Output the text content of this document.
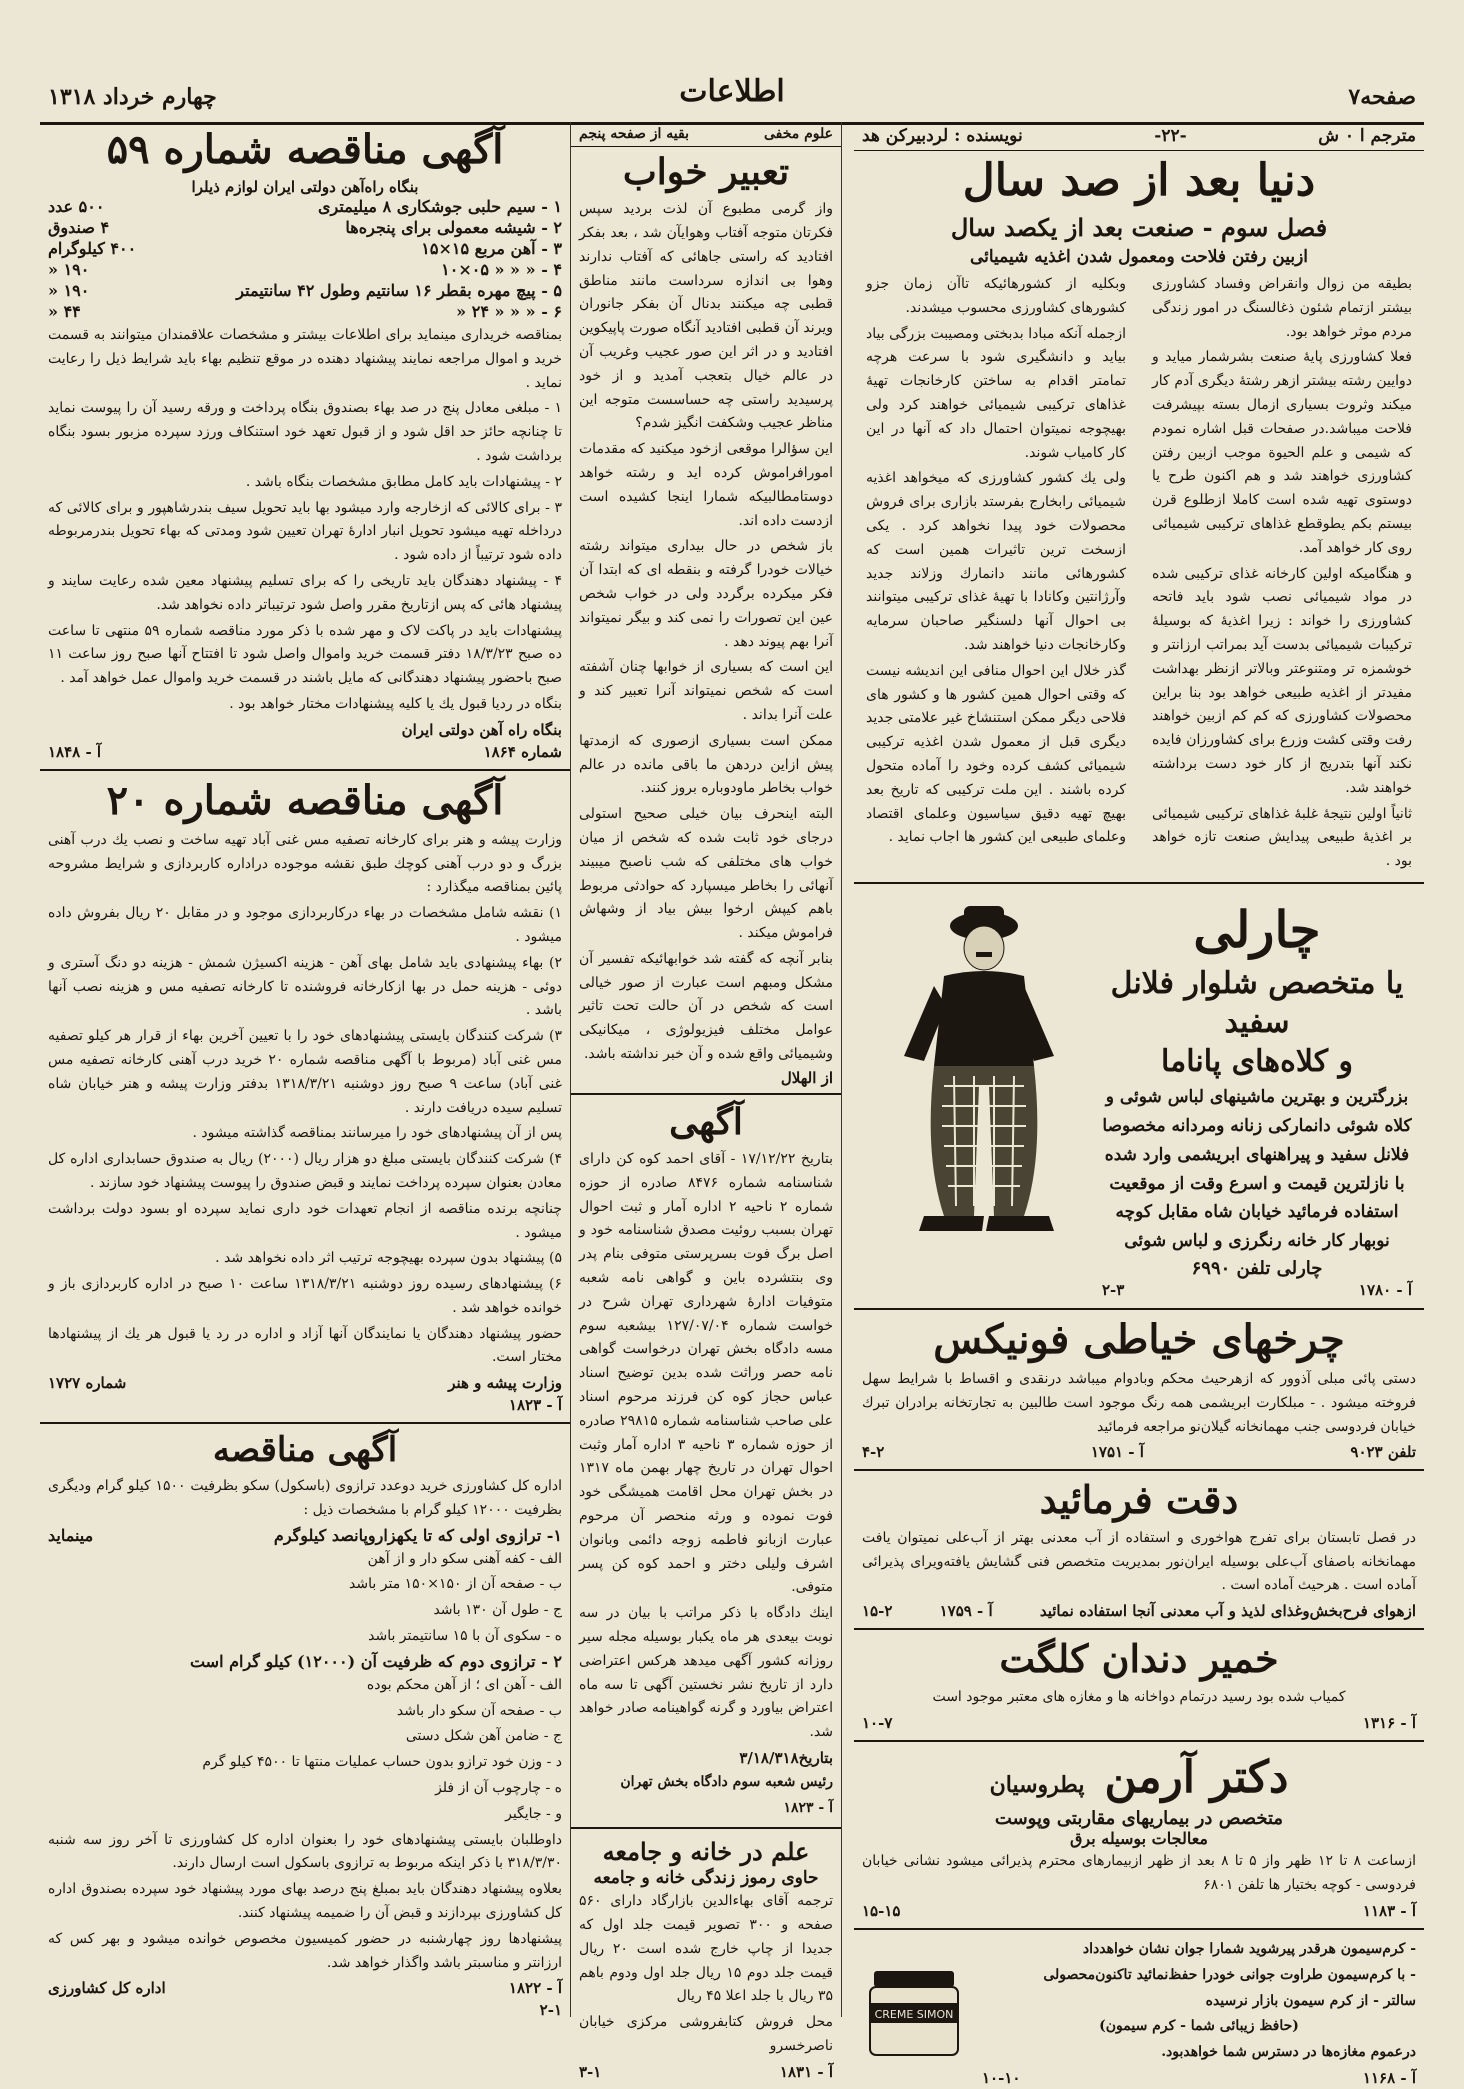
صفحه۷
اطلاعات
چهارم خرداد ۱۳۱۸
مترجم ا ۰ ش
-۲۲-
نویسنده : لردبیرکن هد
دنیا بعد از صد سال
فصل سوم - صنعت بعد از یکصد سال
ازبین رفتن فلاحت ومعمول شدن اغذیه شیمیائی

بطیقه من زوال وانقراض وفساد کشاورزی بیشتر ازتمام شئون ذغالسنگ در امور زندگی مردم موثر خواهد بود.

فعلا کشاورزی پایهٔ صنعت بشرشمار میاید و دوایین رشته بیشتر ازهر رشتهٔ دیگری آدم کار میکند وثروت بسیاری ازمال بسته بپیشرفت فلاحت میباشد.در صفحات قبل اشاره نمودم که شیمی و علم الحیوة موجب ازبین رفتن کشاورزی خواهند شد و هم اکنون طرح یا دوستوی تهیه شده است کاملا ازطلوع قرن بیستم بکم یطوقطع غذاهای ترکیبی شیمیائی روی کار خواهد آمد.

و هنگامیکه اولین کارخانه غذای ترکیبی شده در مواد شیمیائی نصب شود باید فاتحه کشاورزی را خواند : زیرا اغذیهٔ که بوسیلهٔ ترکیبات شیمیائی بدست آید بمراتب ارزانتر و خوشمزه تر ومتنوعتر وبالاتر ازنظر بهداشت مفیدتر از اغذیه طبیعی خواهد بود بنا براین محصولات کشاورزی که کم کم ازبین خواهند رفت وقتی کشت وزرع برای کشاورزان فایده نکند آنها بتدریج از کار خود دست برداشته خواهند شد.

ثانیاً اولین نتیجهٔ غلبهٔ غذاهای ترکیبی شیمیائی بر اغذیهٔ طبیعی پیدایش صنعت تازه خواهد بود .

وبکلیه از کشورهائیکه تاآن زمان جزو کشورهای کشاورزی محسوب میشدند.

ازجمله آنکه مبادا بدبختی ومصیبت بزرگی بیاد بیاید و دانشگیری شود با سرعت هرچه تمامتر اقدام به ساختن کارخانجات تهیهٔ غذاهای ترکیبی شیمیائی خواهند کرد ولی بهیچوجه نمیتوان احتمال داد که آنها در این کار کامیاب شوند.

ولی یك کشور کشاورزی که میخواهد اغذیه شیمیائی رابخارج بفرستد بازاری برای فروش محصولات خود پیدا نخواهد کرد . یکی ازسخت ترین تاثیرات همین است که کشورهائی مانند دانمارك وزلاند جدید وآرژانتین وکانادا با تهیهٔ غذای ترکیبی میتوانند بی احوال آنها دلسنگیر صاحبان سرمایه وکارخانجات دنیا خواهند شد.

گذر خلال این احوال منافی این اندیشه نیست که وقتی احوال همین کشور ها و کشور های فلاحی دیگر ممکن استنشاخ غیر علامتی جدید دیگری قبل از معمول شدن اغذیه ترکیبی شیمیائی کشف کرده وخود را آماده متحول کرده باشند . این ملت ترکیبی که تاریخ بعد بهیچ تهیه دقیق سیاسیون وعلمای اقتصاد وعلمای طبیعی این کشور ها اجاب نماید .

چارلی
یا متخصص شلوار فلانل سفید
و کلاه‌های پاناما

بزرگترین و بهترین ماشینهای لباس شوئی و کلاه شوئی دانمارکی زنانه ومردانه مخصوصا فلانل سفید و پیراهنهای ابریشمی وارد شده با نازلترین قیمت و اسرع وقت از موقعیت استفاده فرمائید خیابان شاه مقابل کوچه نوبهار کار خانه رنگرزی و لباس شوئی

چارلی تلفن ۶۹۹۰
آ - ۱۷۸۰
۲-۳
چرخهای خیاطی فونیکس

دستی پائی مبلی آذوور که ازهرحیث محکم وبادوام میباشد درنقدی و اقساط با شرایط سهل فروخته میشود . - مبلکارت ابریشمی همه رنگ موجود است طالبین به تجارتخانه برادران تبرك خیابان فردوسی جنب مهمانخانه گیلان‌نو مراجعه فرمائید

تلفن ۹۰۲۳
آ - ۱۷۵۱
۴-۲
دقت فرمائید

در فصل تابستان برای تفرج هواخوری و استفاده از آب معدنی بهتر از آب‌علی نمیتوان یافت مهمانخانه باصفای آب‌علی بوسیله ایران‌نور بمدیریت متخصص فنی گشایش یافته‌ویرای پذیرائی آماده است . هرحیث آماده است .

ازهوای فرح‌بخش‌وغذای لذیذ و آب معدنی آنجا استفاده نمائید
آ - ۱۷۵۹
۱۵-۲
خمیر دندان کلگت

کمیاب شده بود رسید درتمام دواخانه ها و مغازه های معتبر موجود است

آ - ۱۳۱۶
۱۰-۷
دکتر آرمن
پطروسیان
متخصص در بیماریهای مقاربتی وپوست
معالجات بوسیله برق

ازساعت ۸ تا ۱۲ ظهر واز ۵ تا ۸ بعد از ظهر ازبیمارهای محترم پذیرائی میشود نشانی خیابان فردوسی - کوچه بختیار ها تلفن ۶۸۰۱

آ - ۱۱۸۳
۱۵-۱۵
- کرم‌سیمون هرقدر پیرشوید شمارا جوان نشان خواهدداد
- با کرم‌سیمون طراوت جوانی خودرا حفظ‌نمائید تاکنون‌محصولی
سالتر - از کرم سیمون بازار نرسیده
(حافظ زیبائی شما - کرم سیمون)
درعموم مغازه‌ها در دسترس شما خواهدبود.
آ - ۱۱۶۸
۱۰-۱۰
CREME SIMON
علوم مخفی
بقیه از صفحه پنجم
تعبیر خواب

واز گرمی مطبوع آن لذت بردید سپس فکرتان متوجه آفتاب وهوایآن شد ، بعد بفکر افتادید که راستی جاهائی که آفتاب ندارند وهوا بی اندازه سرداست مانند مناطق قطبی چه میکنند بدنال آن بفکر جانوران ویرند آن قطبی افتادید آنگاه صورت پاپیکوین افتادید و در اثر این صور عجیب وغریب آن در عالم خیال بتعجب آمدید و از خود پرسیدید راستی چه حساسست متوجه این مناظر عجیب وشکفت انگیز شدم؟

این سؤالرا موقعی ازخود میکنید که مقدمات امورافراموش کرده اید و رشته خواهد دوستامطالبیکه شمارا اینجا کشیده است ازدست داده اند.

باز شخص در حال بیداری میتواند رشته خیالات خودرا گرفته و بنقطه ای که ابتدا آن فکر میکرده برگردد ولی در خواب شخص عین این تصورات را نمی کند و بیگر نمیتواند آنرا بهم پیوند دهد .

این است که بسیاری از خوابها چنان آشفته است که شخص نمیتواند آنرا تعبیر کند و علت آنرا بداند .

ممکن است بسیاری ازصوری که ازمدتها پیش ازاین دردهن ما باقی مانده در عالم خواب بخاطر ماودوباره بروز کنند.

البته اینحرف بیان خیلی صحیح استولی درجای خود ثابت شده که شخص از میان خواب های مختلفی که شب ناصبح میبیند آنهائی را بخاطر میسپارد که حوادثی مربوط باهم کیپش ارخوا بیش بیاد از وشهاش فراموش میکند .

بنابر آنچه که گفته شد خوابهائیکه تفسیر آن مشکل ومبهم است عبارت از صور خیالی است که شخص در آن حالت تحت تاثیر عوامل مختلف فیزیولوژی ، میکانیکی وشیمیائی واقع شده و آن خبر نداشته باشد.

از الهلال
آگهی

بتاریخ ۱۷/۱۲/۲۲ - آقای احمد کوه کن دارای شناسنامه شماره ۸۴۷۶ صادره از حوزه شماره ۲ ناحیه ۲ اداره آمار و ثبت احوال تهران بسبب روئیت مصدق شناسنامه خود و اصل برگ فوت بسرپرستی متوفی بنام پدر وی بنتشرده باین و گواهی نامه شعبه متوفیات ادارهٔ شهرداری تهران شرح در خواست شماره ۱۲۷/۰۷/۰۴ بیشعبه سوم مسه دادگاه بخش تهران درخواست گواهی نامه حصر وراثت شده بدین توضیح اسناد عباس حجاز کوه کن فرزند مرحوم اسناد علی صاحب شناسنامه شماره ۲۹۸۱۵ صادره از حوزه شماره ۳ ناحیه ۳ اداره آمار وثبت احوال تهران در تاریخ چهار بهمن ماه ۱۳۱۷ در بخش تهران محل اقامت همیشگی خود فوت نموده و ورثه منحصر آن مرحوم عبارت ازبانو فاطمه زوجه دائمی وبانوان اشرف ولیلی دختر و احمد کوه کن پسر متوفی.

اینك دادگاه با ذکر مراتب با بیان در سه نوبت بیعدی هر ماه یکبار بوسیله مجله سیر روزانه کشور آگهی میدهد هرکس اعتراضی دارد از تاریخ نشر نخستین آگهی تا سه ماه اعتراض بیاورد و گرنه گواهینامه صادر خواهد شد.

بتاریخ۳/۱۸/۳۱۸
رئیس شعبه سوم دادگاه بخش تهران
آ - ۱۸۲۳
علم در خانه و جامعه
حاوی رموز زندگی خانه و جامعه

ترجمه آقای بهاءالدین بازارگاد دارای ۵۶۰ صفحه و ۳۰۰ تصویر قیمت جلد اول که جدیدا از چاپ خارج شده است ۲۰ ریال قیمت جلد دوم ۱۵ ریال جلد اول ودوم باهم ۳۵ ریال با جلد اعلا ۴۵ ریال

محل فروش کتابفروشی مرکزی خیابان ناصرخسرو

آ - ۱۸۳۱
۳-۱
آگهی مناقصه شماره ۵۹
بنگاه راه‌آهن دولتی ایران لوازم ذیلرا
۱ - سیم حلبی جوشکاری ۸ میلیمتری
۵۰۰ عدد
۲ - شیشه معمولی برای پنجره‌ها
۴ صندوق
۳ - آهن مربع ۱۵×۱۵
۴۰۰ کیلوگرام
۴ - « « « ۰۵×۱۰
۱۹۰ «
۵ - پیچ مهره بقطر ۱۶ سانتیم وطول ۴۲ سانتیمتر
۱۹۰ «
۶ - « « « ۲۴ «
۴۴ «

بمناقصه خریداری مینماید برای اطلاعات بیشتر و مشخصات علاقمندان میتوانند به قسمت خرید و اموال مراجعه نمایند پیشنهاد دهنده در موقع تنظیم بهاء باید شرایط ذیل را رعایت نماید .

۱ - مبلغی معادل پنج در صد بهاء بصندوق بنگاه پرداخت و ورقه رسید آن را پیوست نماید تا چنانچه حائز حد اقل شود و از قبول تعهد خود استنکاف ورزد سپرده مزبور بسود بنگاه برداشت شود .

۲ - پیشنهادات باید کامل مطابق مشخصات بنگاه باشد .

۳ - برای کالائی که ازخارجه وارد میشود بها باید تحویل سیف بندرشاهپور و برای کالائی که درداخله تهیه میشود تحویل انبار ادارهٔ تهران تعیین شود ومدتی که بهاء تحویل بندرمربوطه داده شود ترتیباً از داده شود .

۴ - پیشنهاد دهندگان باید تاریخی را که برای تسلیم پیشنهاد معین شده رعایت سایند و پیشنهاد هائی که پس ازتاریخ مقرر واصل شود ترتیباتر داده نخواهد شد.

پیشنهادات باید در پاکت لاک و مهر شده با ذکر مورد مناقصه شماره ۵۹ منتهی تا ساعت ده صبح ۱۸/۳/۲۳ دفتر قسمت خرید واموال واصل شود تا افتتاح آنها صبح روز ساعت ۱۱ صبح باحضور پیشنهاد دهندگانی که مایل باشند در قسمت خرید واموال عمل خواهد آمد .

بنگاه در ردیا قبول یك یا کلیه پیشنهادات مختار خواهد بود .

بنگاه راه آهن دولتی ایران
شماره ۱۸۶۴
آ - ۱۸۴۸
آگهی مناقصه شماره ۲۰

وزارت پیشه و هنر برای کارخانه تصفیه مس غنی آباد تهیه ساخت و نصب یك درب آهنی بزرگ و دو درب آهنی کوچك طبق نقشه موجوده دراداره کاربردازی و شرایط مشروحه پائین بمناقصه میگذارد :

۱) نقشه شامل مشخصات در بهاء درکاربردازی موجود و در مقابل ۲۰ ریال بفروش داده میشود .

۲) بهاء پیشنهادی باید شامل بهای آهن - هزینه اکسیژن شمش - هزینه دو دنگ آستری و دوئی - هزینه حمل در بها ازکارخانه فروشنده تا کارخانه تصفیه مس و هزینه نصب آنها باشد .

۳) شرکت کنندگان بایستی پیشنهادهای خود را با تعیین آخرین بهاء از قرار هر کیلو تصفیه مس غنی آباد (مربوط با آگهی مناقصه شماره ۲۰ خرید درب آهنی کارخانه تصفیه مس غنی آباد) ساعت ۹ صبح روز دوشنبه ۱۳۱۸/۳/۲۱ بدفتر وزارت پیشه و هنر خیابان شاه تسلیم سیده دریافت دارند .

پس از آن پیشنهادهای خود را میرسانند بمناقصه گذاشته میشود .

۴) شرکت کنندگان بایستی مبلغ دو هزار ریال (۲۰۰۰) ریال به صندوق حسابداری اداره کل معادن بعنوان سپرده پرداخت نمایند و قبض صندوق را پیوست پیشنهاد خود سازند .

چنانچه برنده مناقصه از انجام تعهدات خود داری نماید سپرده او بسود دولت برداشت میشود .

۵) پیشنهاد بدون سپرده بهیچوجه ترتیب اثر داده نخواهد شد .

۶) پیشنهادهای رسیده روز دوشنبه ۱۳۱۸/۳/۲۱ ساعت ۱۰ صبح در اداره کاربردازی باز و خوانده خواهد شد .

حضور پیشنهاد دهندگان یا نمایندگان آنها آزاد و اداره در رد یا قبول هر یك از پیشنهادها مختار است.

وزارت پیشه و هنر
شماره ۱۷۲۷
آ - ۱۸۲۳
آگهی مناقصه

اداره کل کشاورزی خرید دوعدد ترازوی (باسکول) سکو بظرفیت ۱۵۰۰ کیلو گرام ودیگری بظرفیت ۱۲۰۰۰ کیلو گرام با مشخصات ذیل :

۱- ترازوی اولی که تا یکهزاروپانصد کیلوگرم
مینماید
الف - کفه آهنی سکو دار و از آهن
ب - صفحه آن از ۱۵۰×۱۵۰ متر باشد
ج - طول آن ۱۳۰ باشد
ه - سکوی آن با ۱۵ سانتیمتر باشد
۲ - ترازوی دوم که ظرفیت آن (۱۲۰۰۰) کیلو گرام است
الف - آهن ای ؛ از آهن محکم بوده
ب - صفحه آن سکو دار باشد
ج - ضامن آهن شکل دستی
د - وزن خود ترازو بدون حساب عملیات منتها تا ۴۵۰۰ کیلو گرم
ه - چارچوب آن از فلز
و - جایگیر

داوطلبان بایستی پیشنهادهای خود را بعنوان اداره کل کشاورزی تا آخر روز سه شنبه ۳۱۸/۳/۳۰ با ذکر اینکه مربوط به ترازوی باسکول است ارسال دارند.

بعلاوه پیشنهاد دهندگان باید بمبلغ پنج درصد بهای مورد پیشنهاد خود سپرده بصندوق اداره کل کشاورزی بپردازند و قبض آن را ضمیمه پیشنهاد کنند.

پیشنهادها روز چهارشنبه در حضور کمیسیون مخصوص خوانده میشود و بهر کس که ارزانتر و مناسبتر باشد واگذار خواهد شد.

آ - ۱۸۲۲
اداره کل کشاورزی
۲-۱
